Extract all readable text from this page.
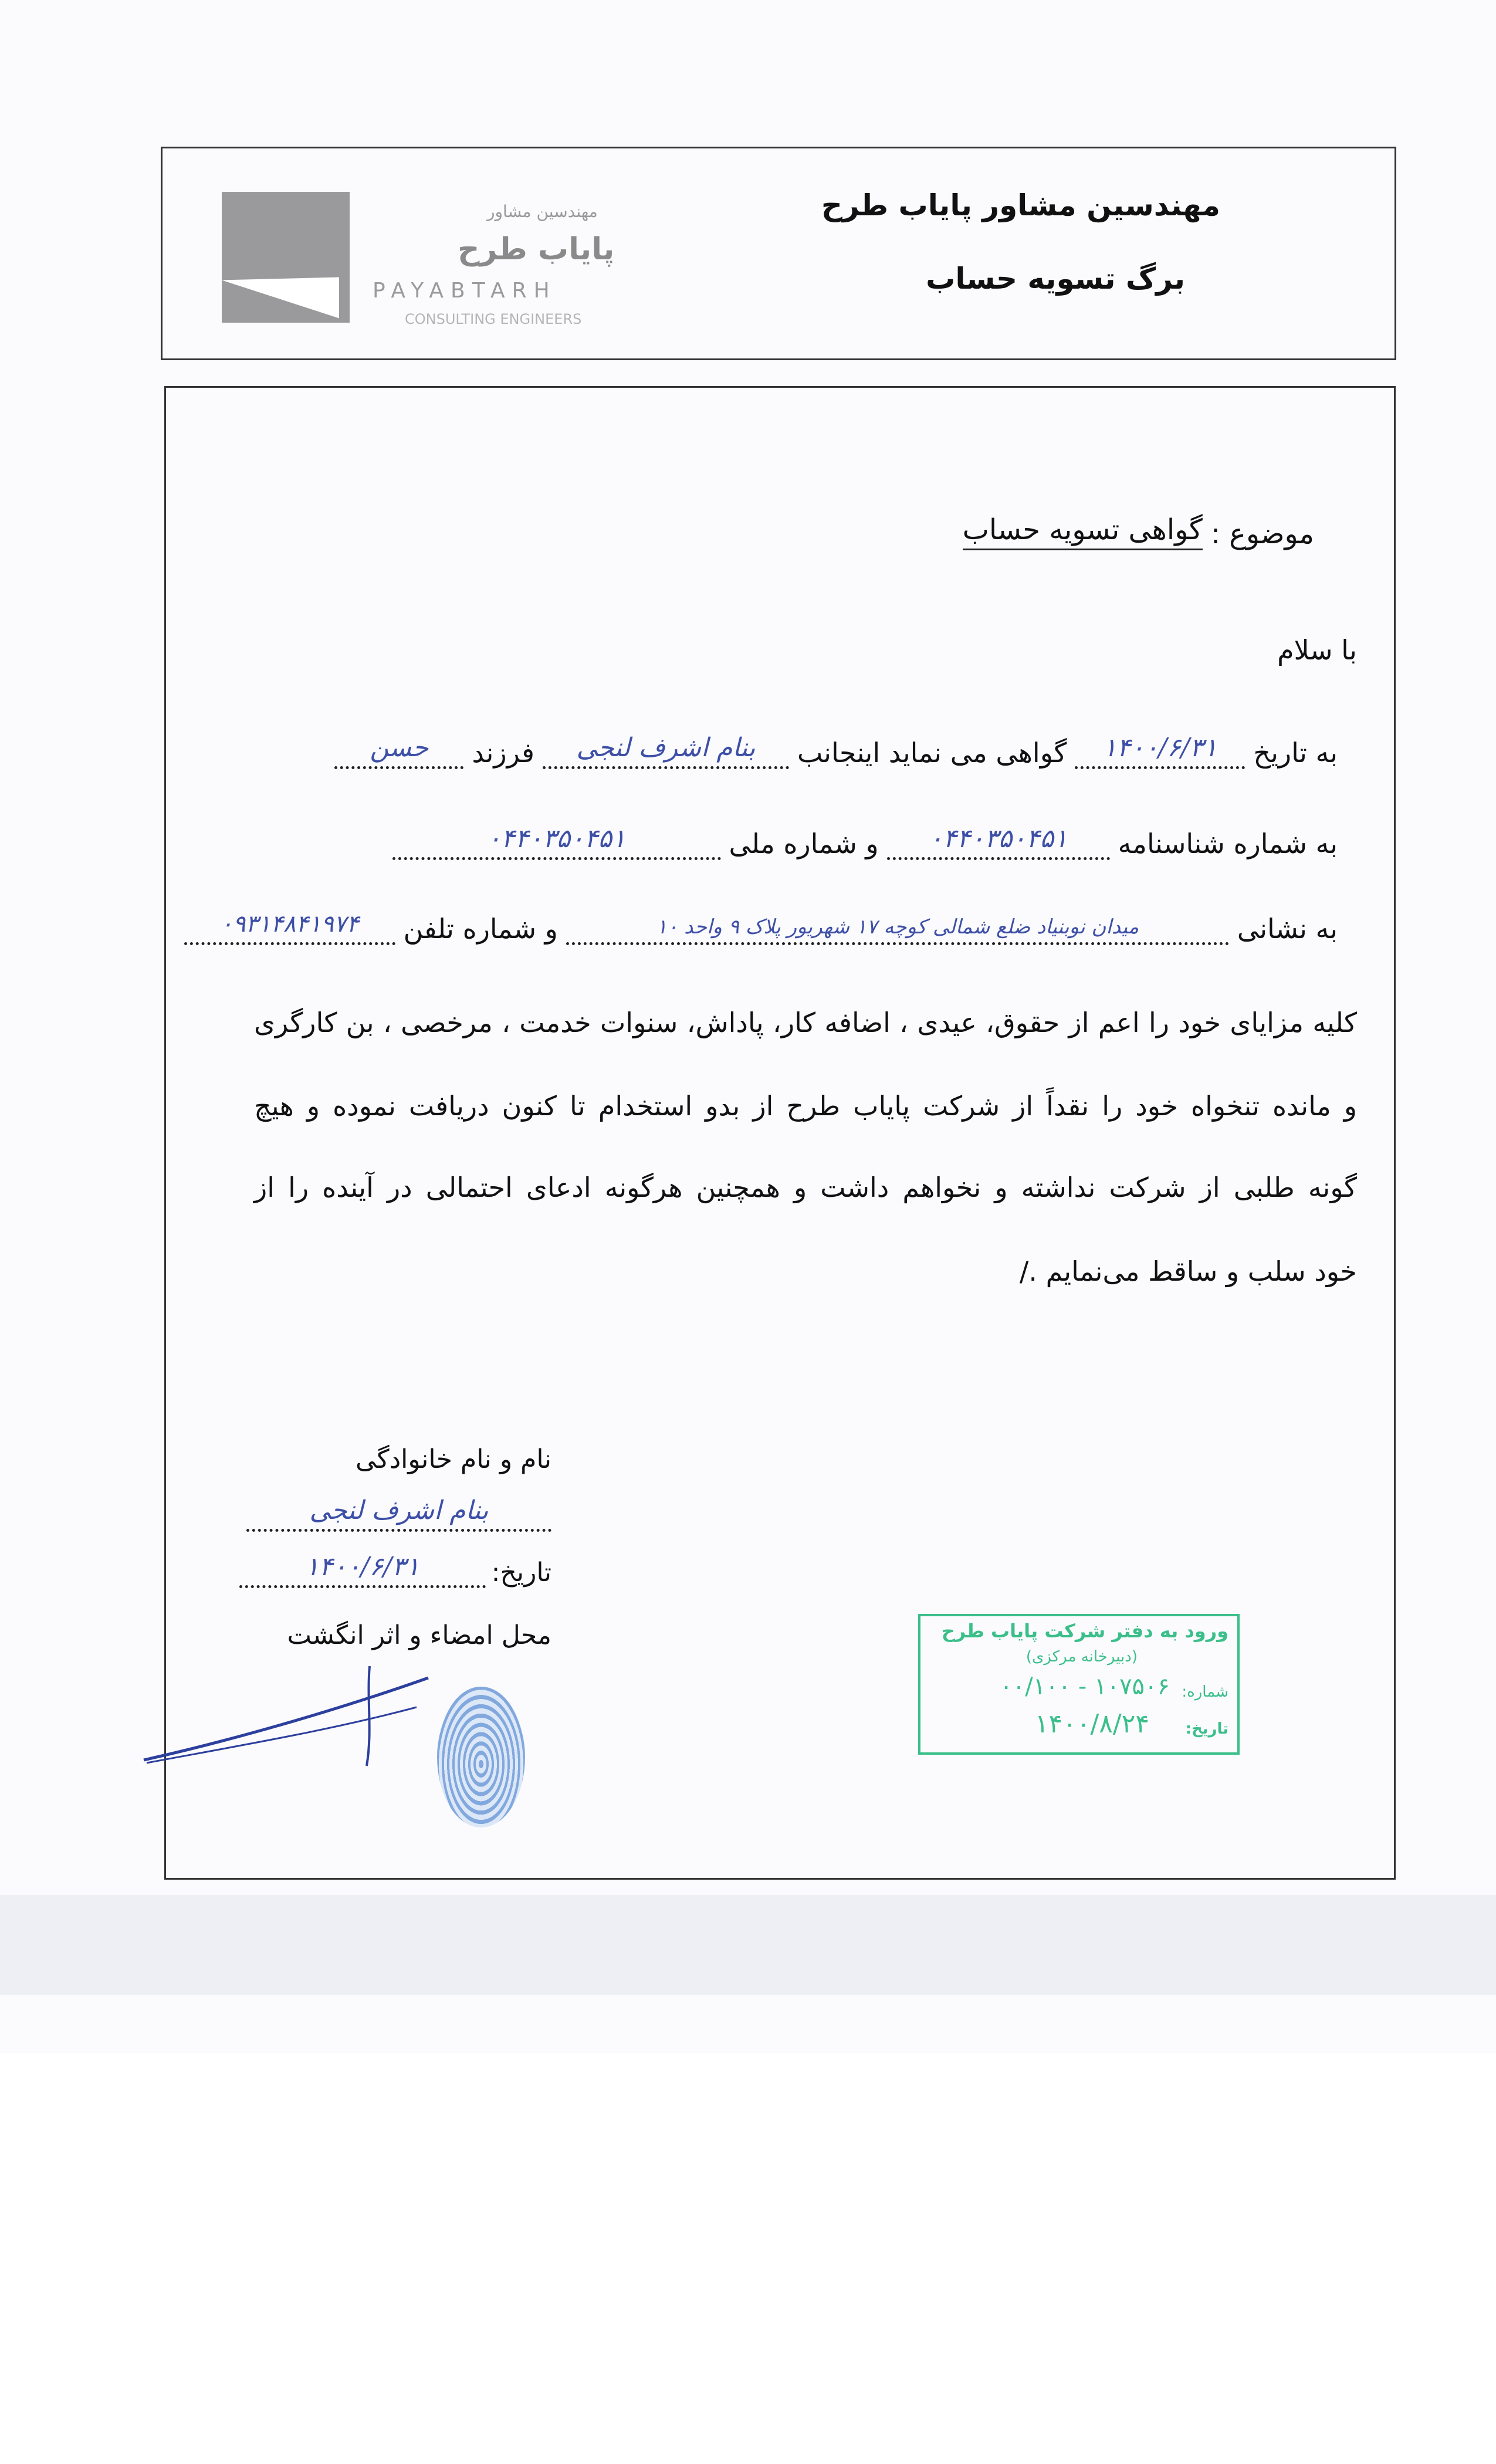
مهندسین مشاور
پایاب طرح
PAYABTARH
CONSULTING ENGINEERS
مهندسین مشاور پایاب طرح
برگ تسویه حساب
موضوع :
گواهی تسویه حساب
با سلام
به تاریخ
۱۴۰۰/۶/۳۱
گواهی می نماید اینجانب
بنام اشرف لنجی
فرزند
حسن
به شماره شناسنامه
۰۴۴۰۳۵۰۴۵۱
و شماره ملی
۰۴۴۰۳۵۰۴۵۱
به نشانی
میدان نوبنیاد ضلع شمالی کوچه ۱۷ شهریور پلاک ۹ واحد ۱۰
و شماره تلفن
۰۹۳۱۴۸۴۱۹۷۴
کلیه مزایای خود را اعم از حقوق، عیدی ، اضافه کار، پاداش، سنوات خدمت ، مرخصی ، بن کارگری
و مانده تنخواه خود را نقداً از شرکت پایاب طرح از بدو استخدام تا کنون دریافت نموده و هیچ
گونه طلبی از شرکت نداشته و نخواهم داشت و همچنین هرگونه ادعای احتمالی در آینده را از
خود سلب و ساقط می‌نمایم ./
نام و نام خانوادگی
بنام اشرف لنجی
تاریخ:
۱۴۰۰/۶/۳۱
محل امضاء و اثر انگشت	ورود به دفتر شرکت پایاب طرح
(دبیرخانه مرکزی)
شماره:
۱۰۷۵۰۶ - ۰۰/۱۰۰
تاریخ:
۱۴۰۰/۸/۲۴
